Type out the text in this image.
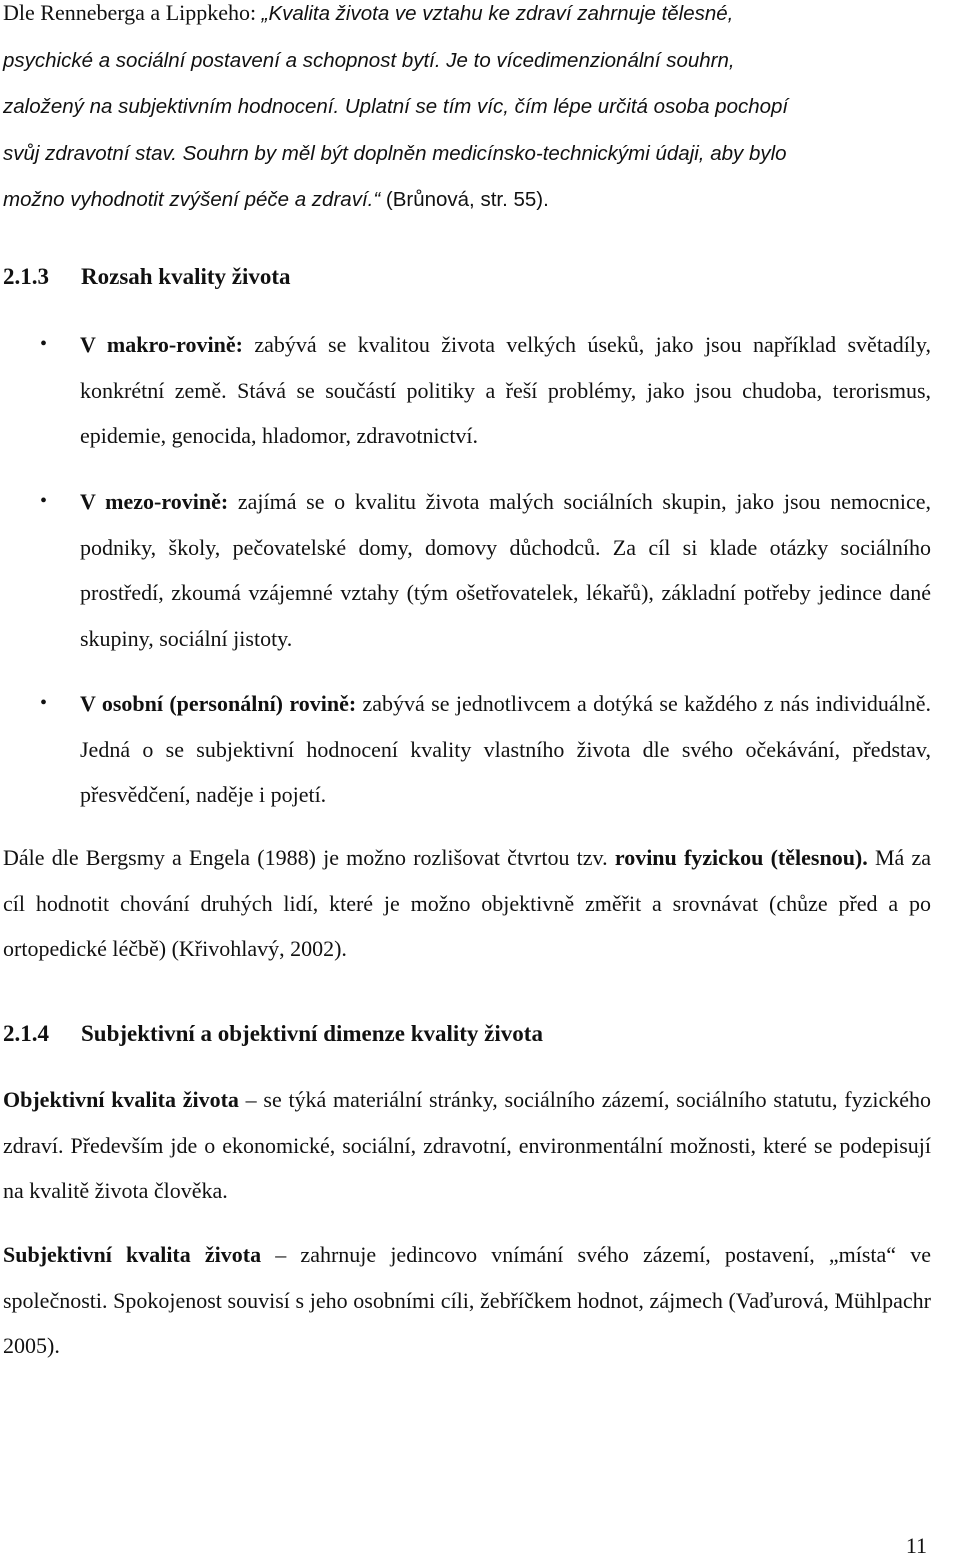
Dle Renneberga a Lippkeho: „Kvalita života ve vztahu ke zdraví zahrnuje tělesné,
psychické a sociální postavení a schopnost bytí. Je to vícedimenzionální souhrn,
založený na subjektivním hodnocení. Uplatní se tím víc, čím lépe určitá osoba pochopí
svůj zdravotní stav. Souhrn by měl být doplněn medicínsko-technickými údaji, aby bylo
možno vyhodnotit zvýšení péče a zdraví.“ (Brůnová, str. 55).
2.1.3 Rozsah kvality života
• V makro-rovině: zabývá se kvalitou života velkých úseků, jako jsou například světadíly, konkrétní země. Stává se součástí politiky a řeší problémy, jako jsou chudoba, terorismus, epidemie, genocida, hladomor, zdravotnictví.

• V mezo-rovině: zajímá se o kvalitu života malých sociálních skupin, jako jsou nemocnice, podniky, školy, pečovatelské domy, domovy důchodců. Za cíl si klade otázky sociálního prostředí, zkoumá vzájemné vztahy (tým ošetřovatelek, lékařů), základní potřeby jedince dané skupiny, sociální jistoty.

• V osobní (personální) rovině: zabývá se jednotlivcem a dotýká se každého z nás individuálně. Jedná o se subjektivní hodnocení kvality vlastního života dle svého očekávání, představ, přesvědčení, naděje i pojetí.

Dále dle Bergsmy a Engela (1988) je možno rozlišovat čtvrtou tzv. rovinu fyzickou (tělesnou). Má za cíl hodnotit chování druhých lidí, které je možno objektivně změřit a srovnávat (chůze před a po ortopedické léčbě) (Křivohlavý, 2002).

2.1.4 Subjektivní a objektivní dimenze kvality života

Objektivní kvalita života – se týká materiální stránky, sociálního zázemí, sociálního statutu, fyzického zdraví. Především jde o ekonomické, sociální, zdravotní, environmentální možnosti, které se podepisují na kvalitě života člověka.

Subjektivní kvalita života – zahrnuje jedincovo vnímání svého zázemí, postavení, „místa“ ve společnosti. Spokojenost souvisí s jeho osobními cíli, žebříčkem hodnot, zájmech (Vaďurová, Mühlpachr 2005).

11
